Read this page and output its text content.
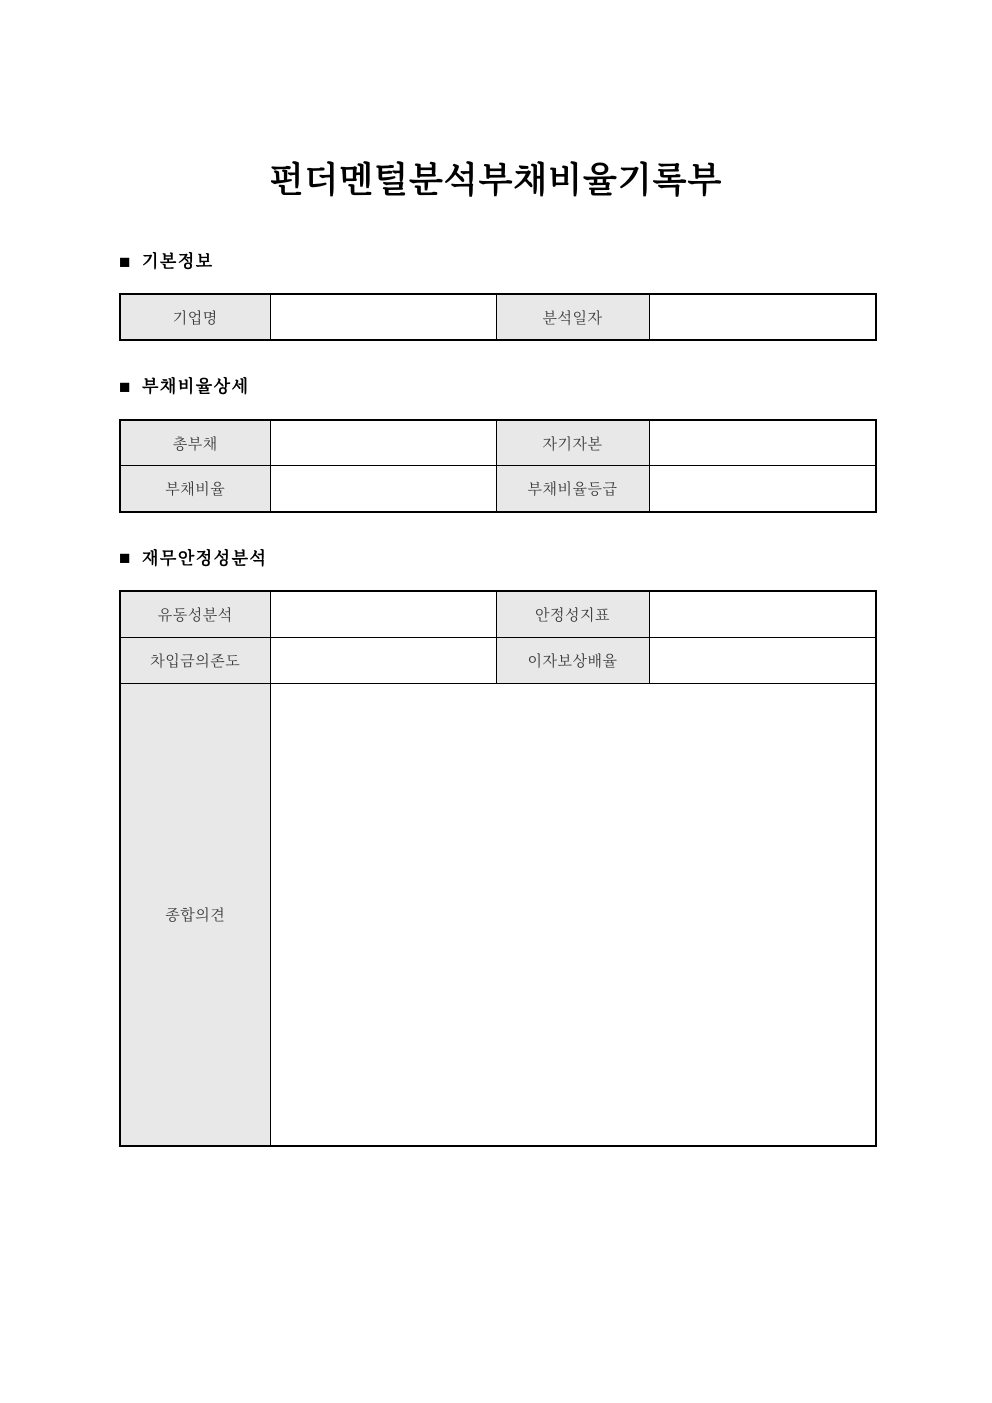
펀더멘털분석부채비율기록부
■ 기본정보
기업명		분석일자	
■ 부채비율상세
총부채		자기자본	
부채비율		부채비율등급	
■ 재무안정성분석
유동성분석		안정성지표	
차입금의존도		이자보상배율	
종합의견			
